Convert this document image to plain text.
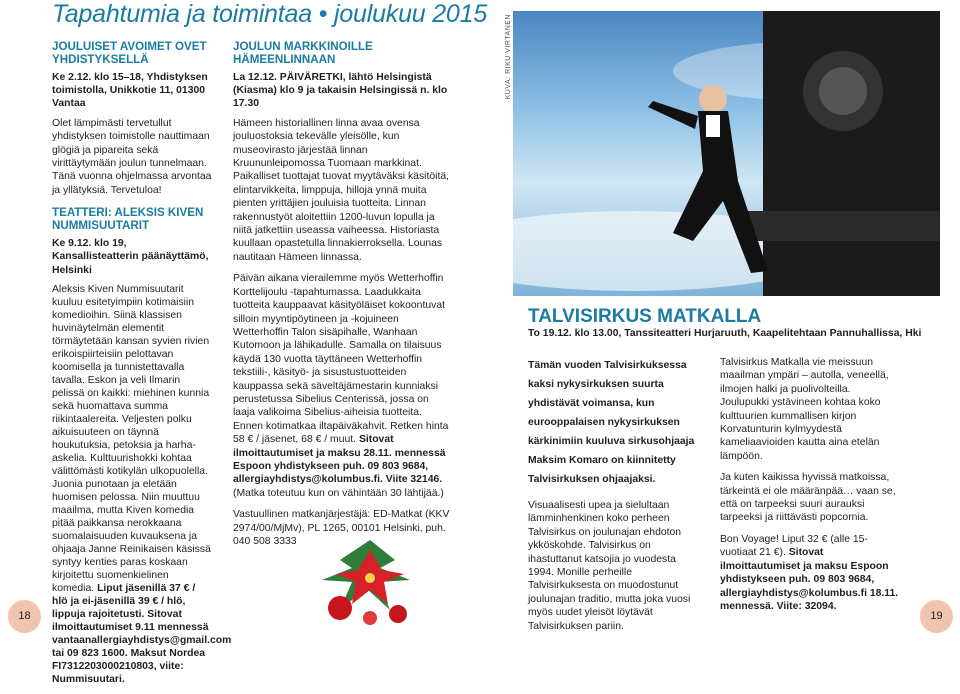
Tapahtumia ja toimintaa • joulukuu 2015
JOULUISET AVOIMET OVET YHDISTYKSELLÄ
Ke 2.12. klo 15–18, Yhdistyksen toimistolla, Unikkotie 11, 01300 Vantaa

Olet lämpimästi tervetullut yhdistyksen toimistolle nauttimaan glögiä ja pipareita sekä virittäytymään joulun tunnelmaan. Tänä vuonna ohjelmassa arvontaa ja yllätyksiä. Tervetuloa!

TEATTERI: ALEKSIS KIVEN NUMMISUUTARIT
Ke 9.12. klo 19, Kansallisteatterin päänäyttämö, Helsinki

Aleksis Kiven Nummisuutarit kuuluu esitetyimpiin kotimaisiin komedioihin. Siinä klassisen huvinäytelmän elementit törmäytetään kansan syvien rivien erikoispiirteisiin pelottavan koomisella ja tunnistettavalla tavalla. Eskon ja veli Ilmarin pelissä on kaikki: miehinen kunnia sekä huomattava summa riikintaalereita. Veljesten polku aikuisuuteen on täynnä houkutuksia, petoksia ja harha-askelia. Kulttuurishokki kohtaa välittömästi kotikylän ulkopuolella. Juonia punotaan ja eletään huomisen pelossa. Niin muuttuu maailma, mutta Kiven komedia pitää paikkansa nerokkaana suomalaisuuden kuvauksena ja ohjaaja Janne Reinikaisen käsissä syntyy kenties paras koskaan kirjoitettu suomenkielinen komedia. Liput jäsenillä 37 € / hlö ja ei-jäsenillä 39 € / hlö, lippuja rajoitetusti. Sitovat ilmoittautumiset 9.11 mennessä vantaanallergiayhdistys@gmail.com tai 09 823 1600. Maksut Nordea FI7312203000210803, viite: Nummisuutari.

JOULUN MARKKINOILLE HÄMEENLINNAAN
La 12.12. PÄIVÄRETKI, lähtö Helsingistä (Kiasma) klo 9 ja takaisin Helsingissä n. klo 17.30

Hämeen historiallinen linna avaa ovensa jouluostoksia tekevälle yleisölle, kun museovirasto järjestää linnan Kruununleipomossa Tuomaan markkinat. Paikalliset tuottajat tuovat myytäväksi käsitöitä, elintarvikkeita, limppuja, hilloja ynnä muita pienten yrittäjien jouluisia tuotteita. Linnan rakennustyöt aloitettiin 1200-luvun lopulla ja niitä jatkettiin useassa vaiheessa. Historiasta kuullaan opastetulla linnakierroksella. Lounas nautitaan Hämeen linnassa.

Päivän aikana vierailemme myös Wetterhoffin Korttelijoulu -tapahtumassa. Laadukkaita tuotteita kauppaavat käsityöläiset kokoontuvat silloin myyntipöytineen ja -kojuineen Wetterhoffin Talon sisäpihalle, Wanhaan Kutomoon ja lähikadulle. Samalla on tilaisuus käydä 130 vuotta täyttäneen Wetterhoffin tekstiili-, käsityö- ja sisustustuotteiden kauppassa sekä säveltäjämestarin kunniaksi perustetussa Sibelius Centerissä, jossa on laaja valikoima Sibelius-aiheisia tuotteita. Ennen kotimatkaa iltapäiväkahvit. Retken hinta 58 € / jäsenet, 68 € / muut. Sitovat ilmoittautumiset ja maksu 28.11. mennessä Espoon yhdistykseen puh. 09 803 9684, allergiayhdistys@kolumbus.fi. Viite 32146. (Matka toteutuu kun on vähintään 30 lähtijää.)

Vastuullinen matkanjärjestäjä: ED-Matkat (KKV 2974/00/MjMv), PL 1265, 00101 Helsinki, puh. 040 508 3333

KUVA: RIKU VIRTANEN
TALVISIRKUS MATKALLA
To 19.12. klo 13.00, Tanssiteatteri Hurjaruuth, Kaapelitehtaan Pannuhallissa, Hki

Tämän vuoden Talvisirkuksessa kaksi nykysirkuksen suurta yhdistävät voimansa, kun eurooppalaisen nykysirkuksen kärkinimiin kuuluva sirkusohjaaja Maksim Komaro on kiinnitetty Talvisirkuksen ohjaajaksi.

Visuaalisesti upea ja sielultaan lämminhenkinen koko perheen Talvisirkus on joulunajan ehdoton ykköskohde. Talvisirkus on ihastuttanut katsojia jo vuodesta 1994. Monille perheille Talvisirkuksesta on muodostunut joulunajan traditio, mutta joka vuosi myös uudet yleisöt löytävät Talvisirkuksen pariin.

Talvisirkus Matkalla vie meissuun maailman ympäri – autolla, veneellä, ilmojen halki ja puolivolteilla. Joulupukki ystävineen kohtaa koko kulttuurien kummallisen kirjon Korvatunturin kylmyydestä kameliaavioiden kautta aina etelän lämpöön.

Ja kuten kaikissa hyvissä matkoissa, tärkeintä ei ole määränpää… vaan se, että on tarpeeksi suuri aurauksi tarpeeksi ja riittävästi popcornia.

Bon Voyage! Liput 32 € (alle 15-vuotiaat 21 €). Sitovat ilmoittautumiset ja maksu Espoon yhdistykseen puh. 09 803 9684, allergiayhdistys@kolumbus.fi 18.11. mennessä. Viite: 32094.

18	19
